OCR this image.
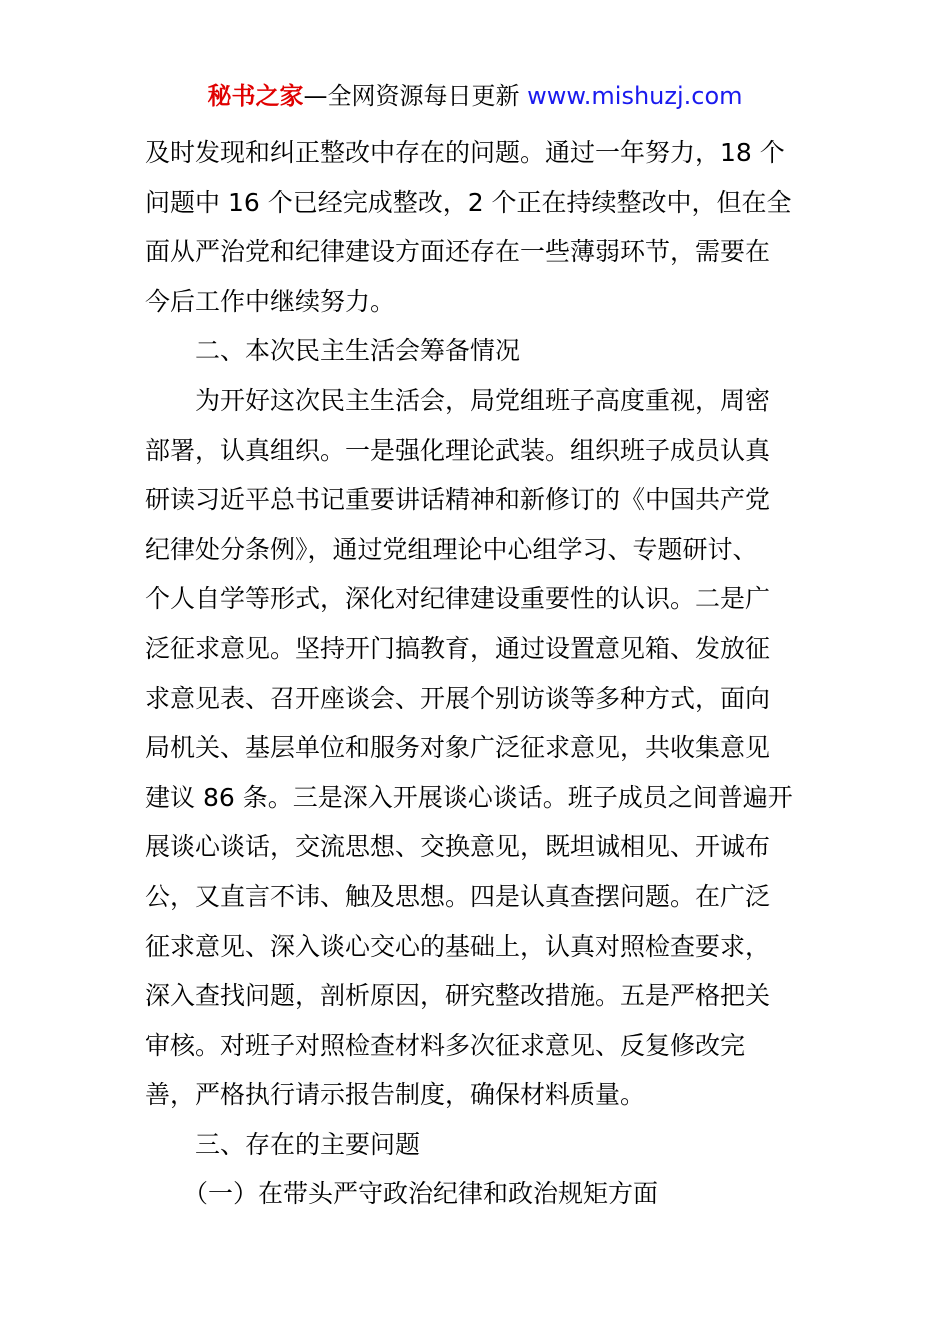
秘书之家—全网资源每日更新 www.mishuzj.com
及时发现和纠正整改中存在的问题。通过一年努力，18 个
问题中 16 个已经完成整改，2 个正在持续整改中，但在全
面从严治党和纪律建设方面还存在一些薄弱环节，需要在
今后工作中继续努力。
二、本次民主生活会筹备情况
为开好这次民主生活会，局党组班子高度重视，周密
部署，认真组织。一是强化理论武装。组织班子成员认真
研读习近平总书记重要讲话精神和新修订的《中国共产党
纪律处分条例》，通过党组理论中心组学习、专题研讨、
个人自学等形式，深化对纪律建设重要性的认识。二是广
泛征求意见。坚持开门搞教育，通过设置意见箱、发放征
求意见表、召开座谈会、开展个别访谈等多种方式，面向
局机关、基层单位和服务对象广泛征求意见，共收集意见
建议 86 条。三是深入开展谈心谈话。班子成员之间普遍开
展谈心谈话，交流思想、交换意见，既坦诚相见、开诚布
公，又直言不讳、触及思想。四是认真查摆问题。在广泛
征求意见、深入谈心交心的基础上，认真对照检查要求，
深入查找问题，剖析原因，研究整改措施。五是严格把关
审核。对班子对照检查材料多次征求意见、反复修改完
善，严格执行请示报告制度，确保材料质量。
三、存在的主要问题
（一）在带头严守政治纪律和政治规矩方面
